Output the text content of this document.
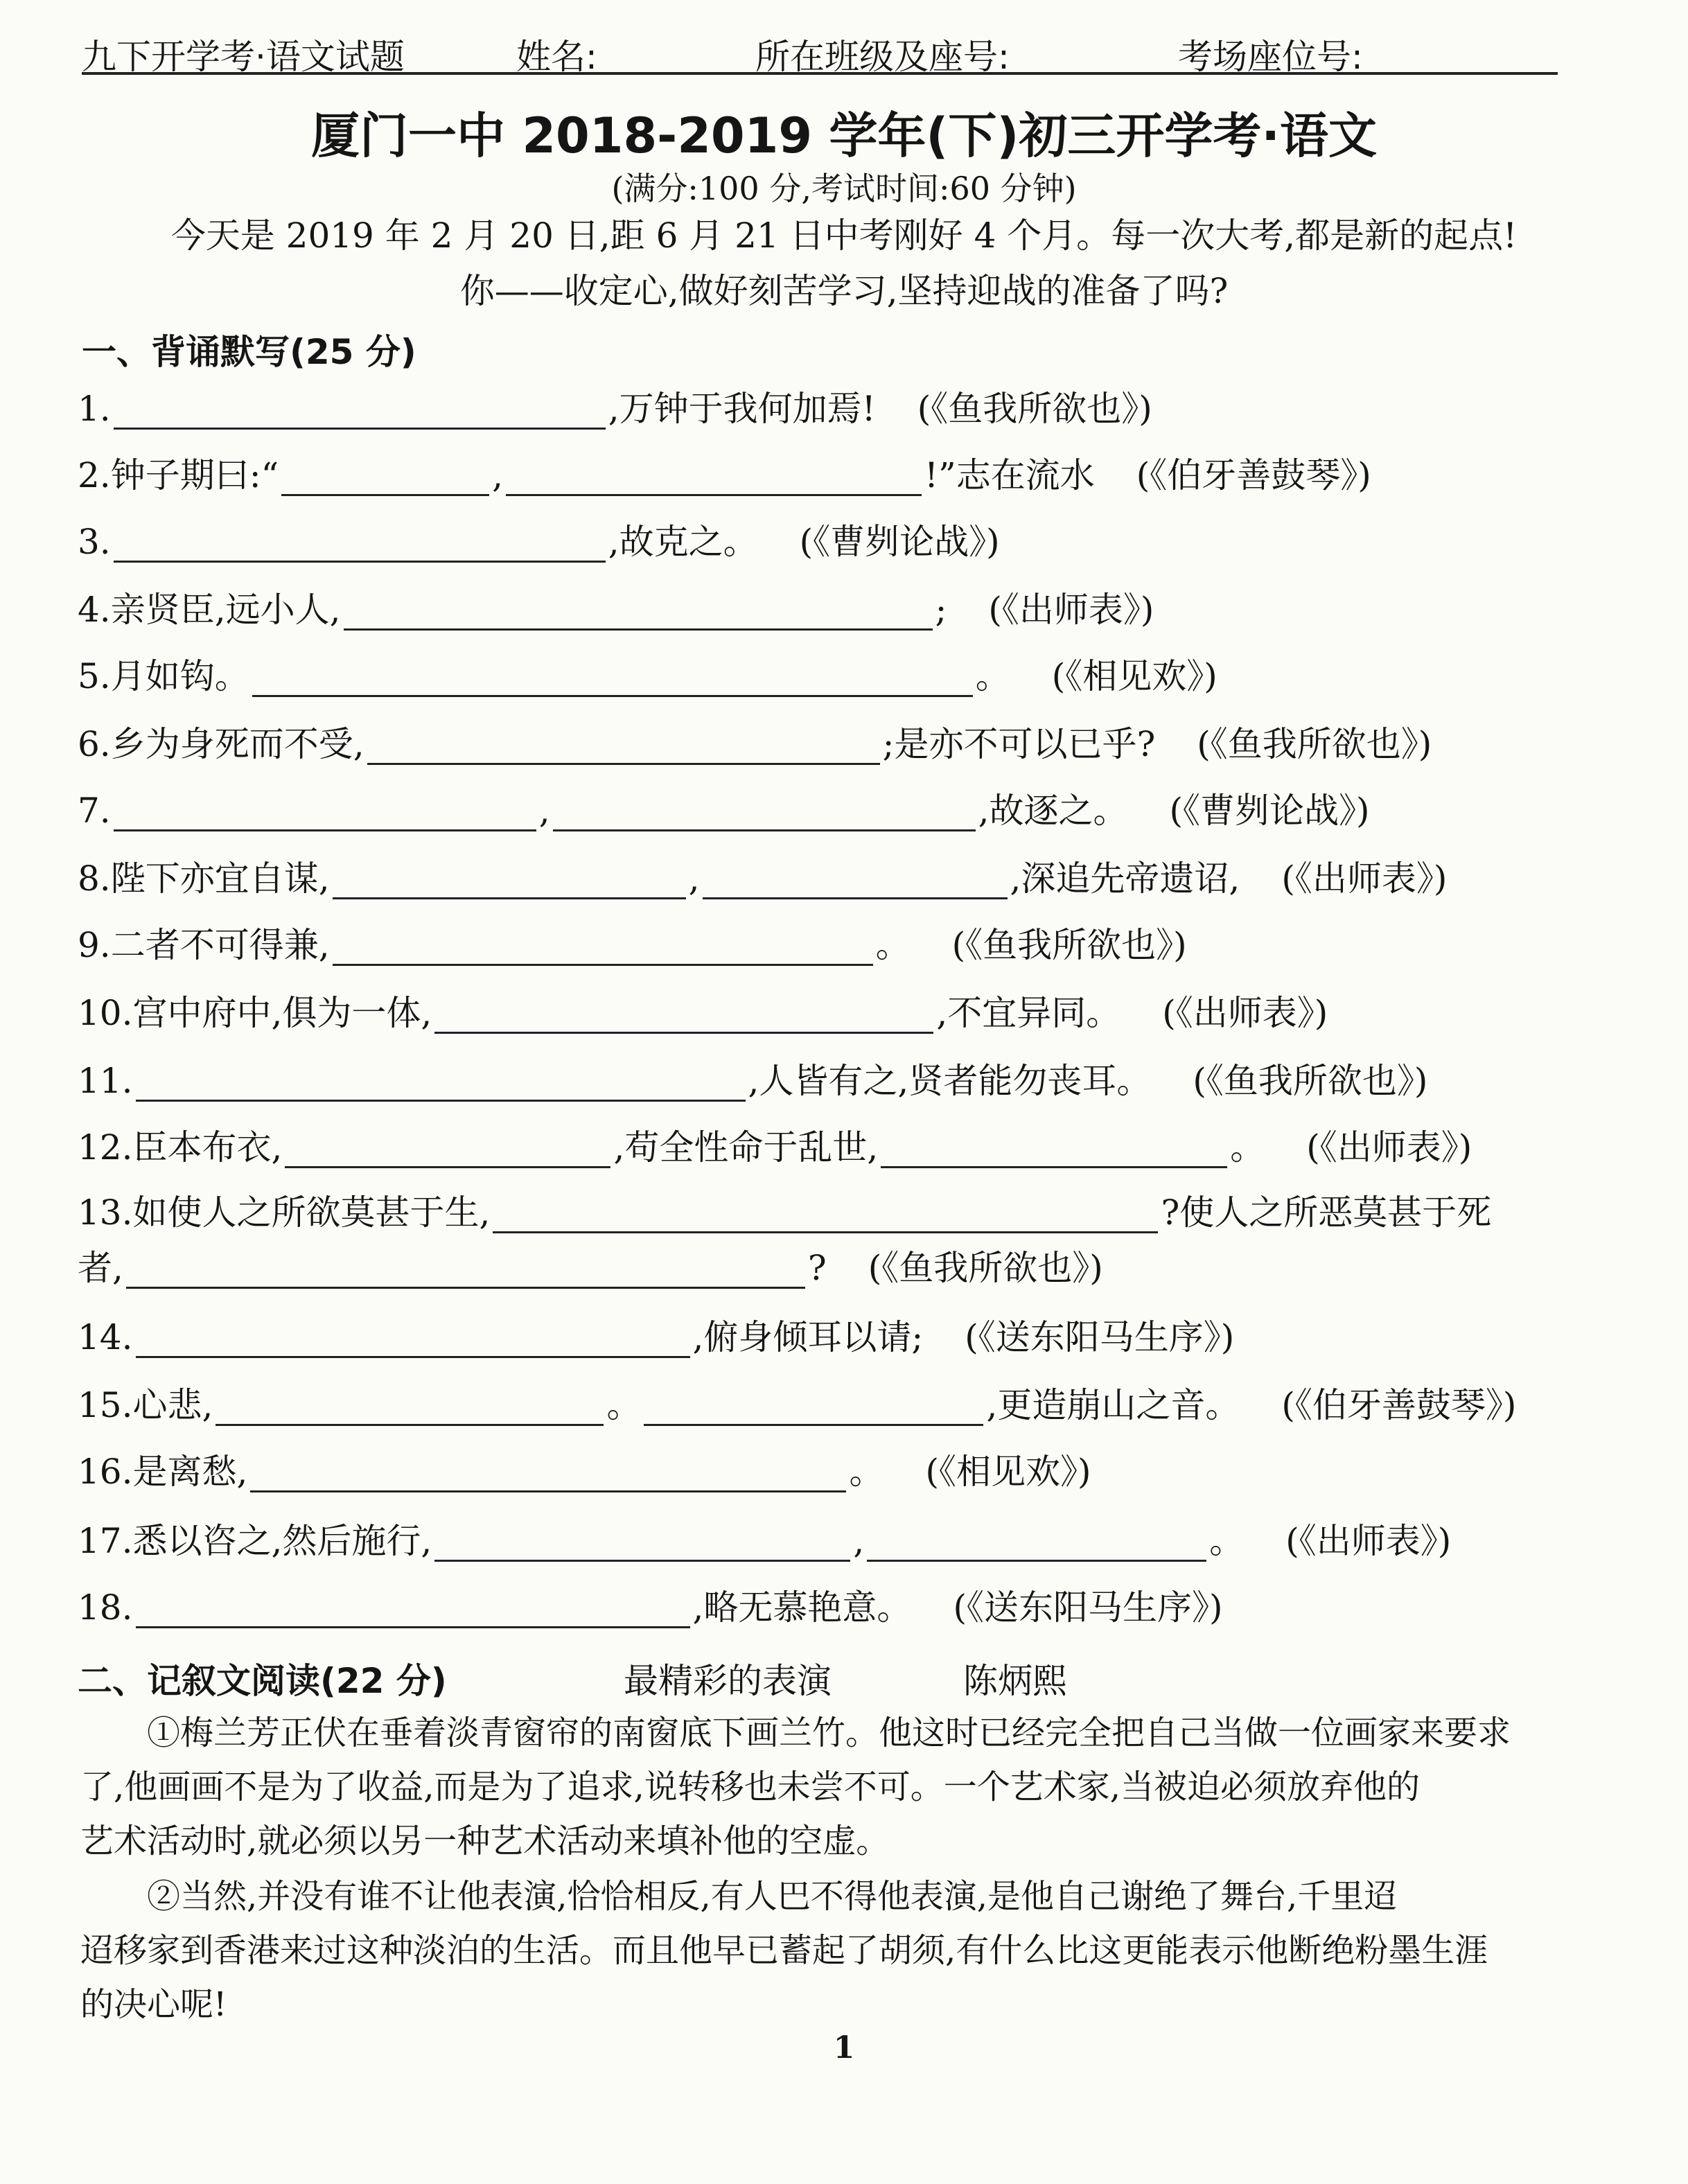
九下开学考·语文试题	姓名:	所在班级及座号:	考场座位号:
厦门一中 2018-2019 学年(下)初三开学考·语文
(满分:100 分,考试时间:60 分钟)
今天是 2019 年 2 月 20 日,距 6 月 21 日中考刚好 4 个月。每一次大考,都是新的起点!
你——收定心,做好刻苦学习,坚持迎战的准备了吗?
一、背诵默写(25 分)
1.	,万钟于我何加焉! (《鱼我所欲也》)
2.钟子期曰:“	,	!”志在流水 (《伯牙善鼓琴》)
3.	,故克之。 (《曹刿论战》)
4.亲贤臣,远小人,	; (《出师表》)
5.月如钩。	。 (《相见欢》)
6.乡为身死而不受,	;是亦不可以已乎? (《鱼我所欲也》)
7.	,	,故逐之。 (《曹刿论战》)
8.陛下亦宜自谋,	,	,深追先帝遗诏, (《出师表》)
9.二者不可得兼,	。 (《鱼我所欲也》)
10.宫中府中,俱为一体,	,不宜异同。 (《出师表》)
11.	,人皆有之,贤者能勿丧耳。 (《鱼我所欲也》)
12.臣本布衣,	,苟全性命于乱世,	。 (《出师表》)
13.如使人之所欲莫甚于生,	?使人之所恶莫甚于死
者,	? (《鱼我所欲也》)
14.	,俯身倾耳以请; (《送东阳马生序》)
15.心悲,	。	,更造崩山之音。 (《伯牙善鼓琴》)
16.是离愁,	。 (《相见欢》)
17.悉以咨之,然后施行,	,	。 (《出师表》)
18.	,略无慕艳意。 (《送东阳马生序》)
二、记叙文阅读(22 分)	最精彩的表演	陈炳熙
①梅兰芳正伏在垂着淡青窗帘的南窗底下画兰竹。他这时已经完全把自己当做一位画家来要求
了,他画画不是为了收益,而是为了追求,说转移也未尝不可。一个艺术家,当被迫必须放弃他的
艺术活动时,就必须以另一种艺术活动来填补他的空虚。
②当然,并没有谁不让他表演,恰恰相反,有人巴不得他表演,是他自己谢绝了舞台,千里迢
迢移家到香港来过这种淡泊的生活。而且他早已蓄起了胡须,有什么比这更能表示他断绝粉墨生涯
的决心呢!
1
